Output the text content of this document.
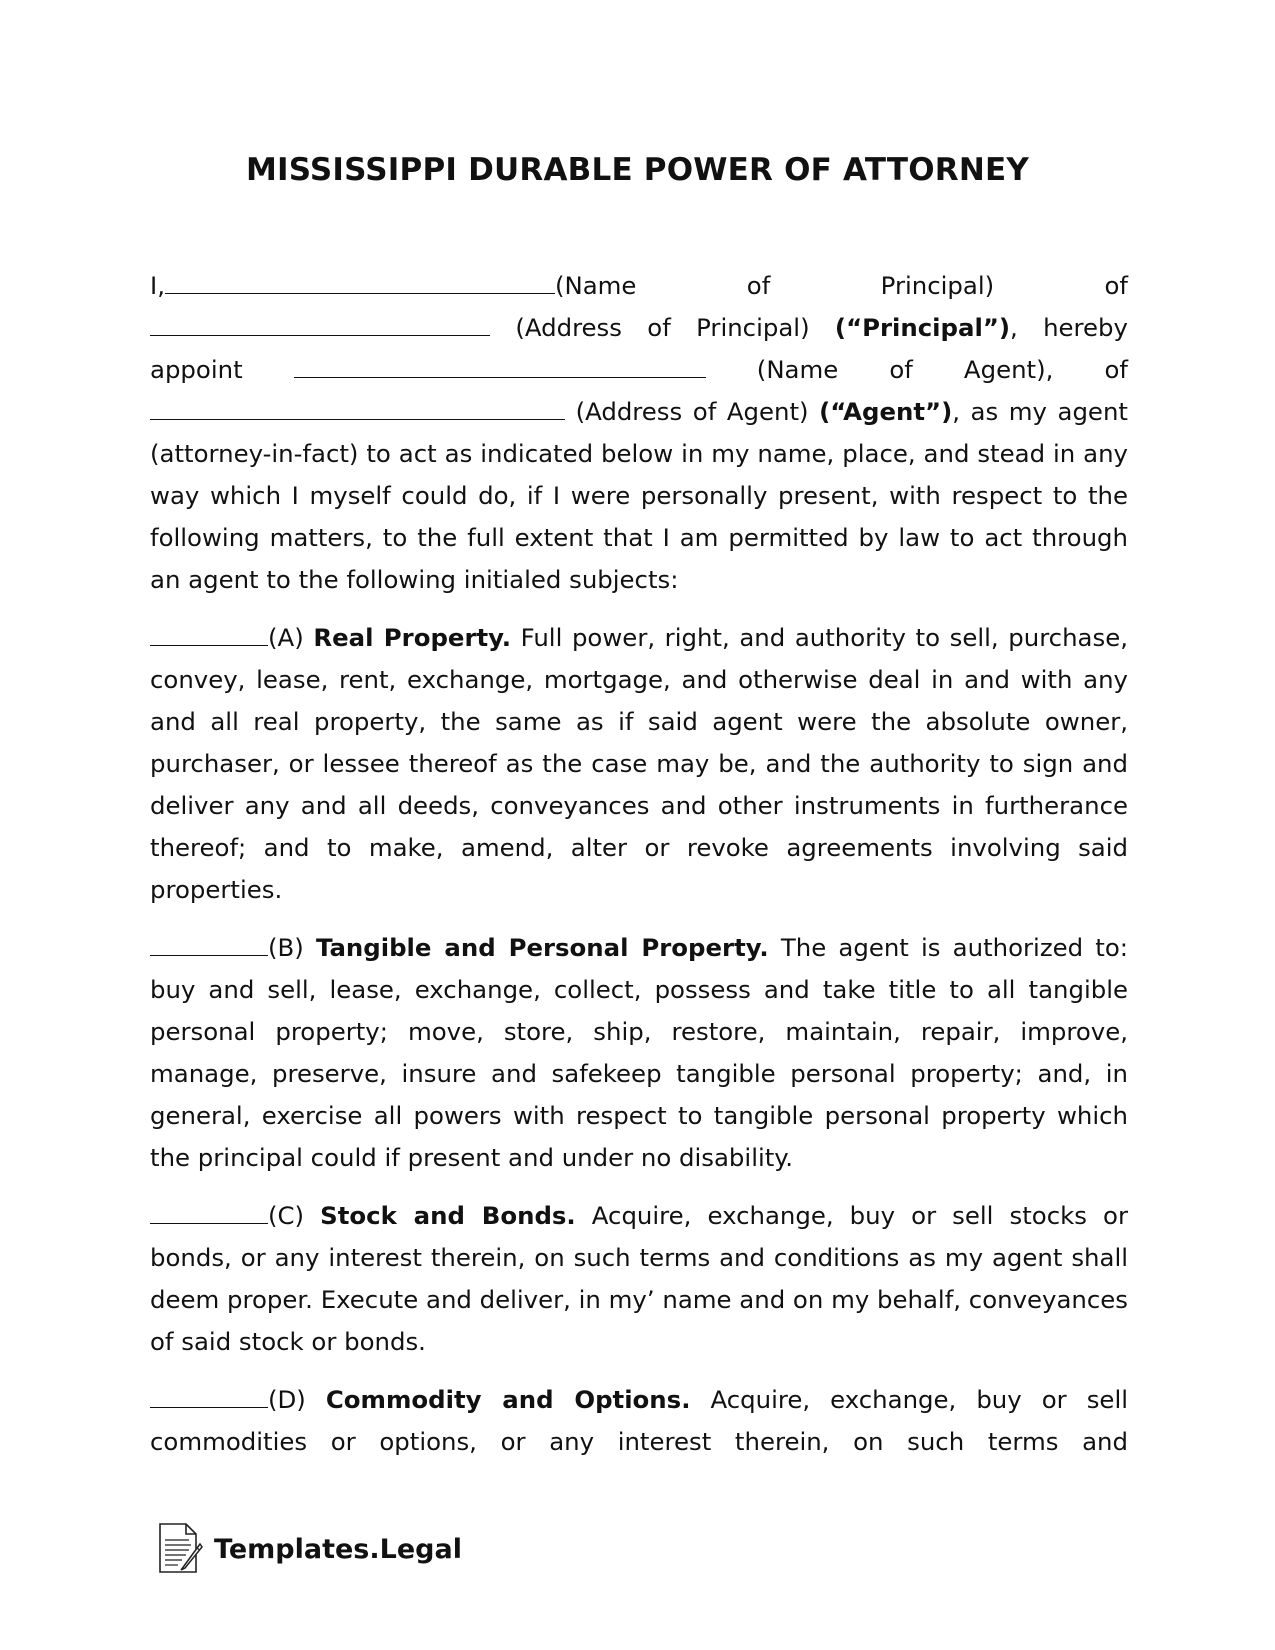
MISSISSIPPI DURABLE POWER OF ATTORNEY

I,	(Name of Principal) of  (Address of Principal) (“Principal”), hereby appoint	(Name of Agent), of  (Address of Agent) (“Agent”), as my agent (attorney-in-fact) to act as indicated below in my name, place, and stead in any way which I myself could do, if I were personally present, with respect to the following matters, to the full extent that I am permitted by law to act through an agent to the following initialed subjects:

(A) Real Property. Full power, right, and authority to sell, purchase, convey, lease, rent, exchange, mortgage, and otherwise deal in and with any and all real property, the same as if said agent were the absolute owner, purchaser, or lessee thereof as the case may be, and the authority to sign and deliver any and all deeds, conveyances and other instruments in furtherance thereof; and to make, amend, alter or revoke agreements involving said properties.

(B) Tangible and Personal Property. The agent is authorized to: buy and sell, lease, exchange, collect, possess and take title to all tangible personal property; move, store, ship, restore, maintain, repair, improve, manage, preserve, insure and safekeep tangible personal property; and, in general, exercise all powers with respect to tangible personal property which the principal could if present and under no disability.

(C) Stock and Bonds. Acquire, exchange, buy or sell stocks or bonds, or any interest therein, on such terms and conditions as my agent shall deem proper. Execute and deliver, in my’ name and on my behalf, conveyances of said stock or bonds.

(D) Commodity and Options. Acquire, exchange, buy or sell commodities or options, or any interest therein, on such terms and

Templates.Legal
